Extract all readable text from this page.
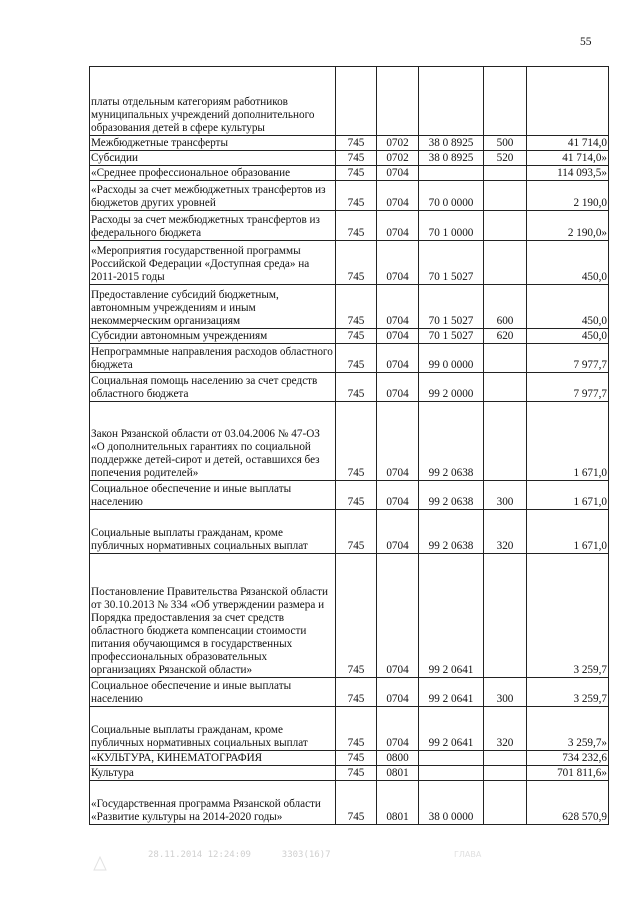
55
платы отдельным категориям работников муниципальных учреждений дополнительного образования детей в сфере культуры					
Межбюджетные трансферты	745	0702	38 0 8925	500	41 714,0
Субсидии	745	0702	38 0 8925	520	41 714,0»
«Среднее профессиональное образование	745	0704			114 093,5»
«Расходы за счет межбюджетных трансфертов из бюджетов других уровней	745	0704	70 0 0000		2 190,0
Расходы за счет межбюджетных трансфертов из федерального бюджета	745	0704	70 1 0000		2 190,0»
«Мероприятия государственной программы Российской Федерации «Доступная среда» на 2011-2015 годы	745	0704	70 1 5027		450,0
Предоставление субсидий бюджетным, автономным учреждениям и иным некоммерческим организациям	745	0704	70 1 5027	600	450,0
Субсидии автономным учреждениям	745	0704	70 1 5027	620	450,0
Непрограммные направления расходов областного бюджета	745	0704	99 0 0000		7 977,7
Социальная помощь населению за счет средств областного бюджета	745	0704	99 2 0000		7 977,7
Закон Рязанской области от 03.04.2006 № 47-ОЗ «О дополнительных гарантиях по социальной поддержке детей-сирот и детей, оставшихся без попечения родителей»	745	0704	99 2 0638		1 671,0
Социальное обеспечение и иные выплаты населению	745	0704	99 2 0638	300	1 671,0
Социальные выплаты гражданам, кроме публичных нормативных социальных выплат	745	0704	99 2 0638	320	1 671,0
Постановление Правительства Рязанской области от 30.10.2013 № 334 «Об утверждении размера и Порядка предоставления за счет средств областного бюджета компенсации стоимости питания обучающимся в государственных профессиональных образовательных организациях Рязанской области»	745	0704	99 2 0641		3 259,7
Социальное обеспечение и иные выплаты населению	745	0704	99 2 0641	300	3 259,7
Социальные выплаты гражданам, кроме публичных нормативных социальных выплат	745	0704	99 2 0641	320	3 259,7»
«КУЛЬТУРА, КИНЕМАТОГРАФИЯ	745	0800			734 232,6
Культура	745	0801			701 811,6»
«Государственная программа Рязанской области «Развитие культуры на 2014-2020 годы»	745	0801	38 0 0000		628 570,9
28.11.2014 12:24:09	3303(16)7	ГЛАВА
